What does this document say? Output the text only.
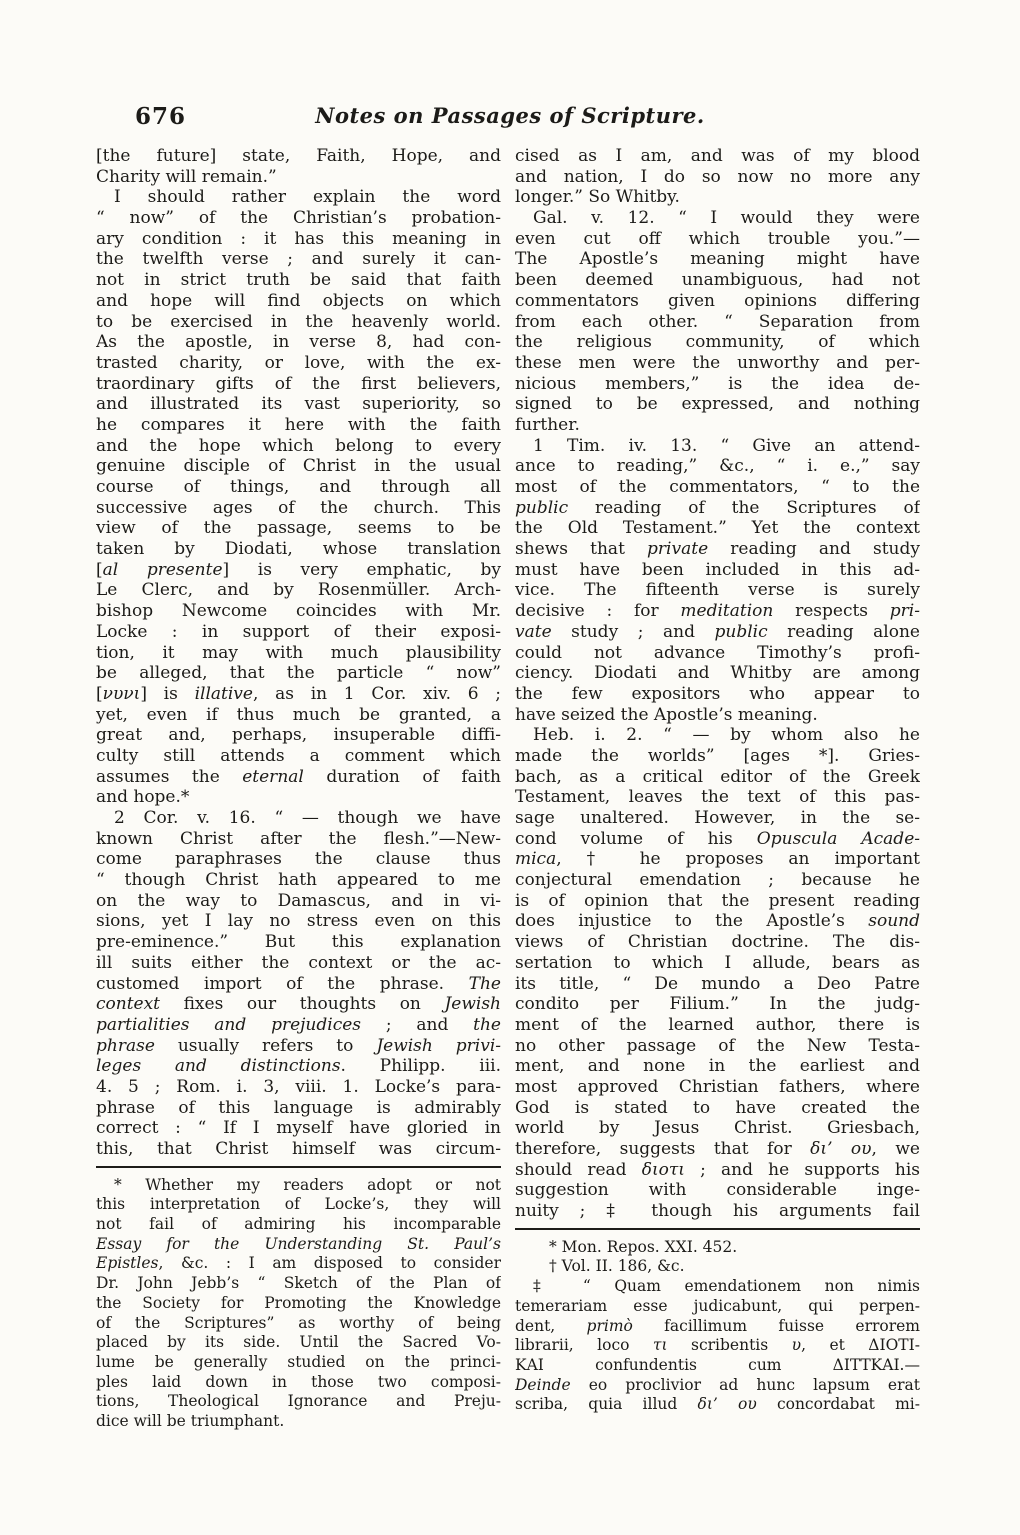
676	Notes on Passages of Scripture.
[the future] state, Faith, Hope, and
Charity will remain.”
I should rather explain the word
“ now” of the Christian’s probation-
ary condition : it has this meaning in
the twelfth verse ; and surely it can-
not in strict truth be said that faith
and hope will find objects on which
to be exercised in the heavenly world.
As the apostle, in verse 8, had con-
trasted charity, or love, with the ex-
traordinary gifts of the first believers,
and illustrated its vast superiority, so
he compares it here with the faith
and the hope which belong to every
genuine disciple of Christ in the usual
course of things, and through all
successive ages of the church. This
view of the passage, seems to be
taken by Diodati, whose translation
[al presente] is very emphatic, by
Le Clerc, and by Rosenmüller. Arch-
bishop Newcome coincides with Mr.
Locke : in support of their exposi-
tion, it may with much plausibility
be alleged, that the particle “ now”
[νυνι] is illative, as in 1 Cor. xiv. 6 ;
yet, even if thus much be granted, a
great and, perhaps, insuperable diffi-
culty still attends a comment which
assumes the eternal duration of faith
and hope.*
2 Cor. v. 16. “ — though we have
known Christ after the flesh.”—New-
come paraphrases the clause thus
“ though Christ hath appeared to me
on the way to Damascus, and in vi-
sions, yet I lay no stress even on this
pre-eminence.” But this explanation
ill suits either the context or the ac-
customed import of the phrase. The
context fixes our thoughts on Jewish
partialities and prejudices ; and the
phrase usually refers to Jewish privi-
leges and distinctions. Philipp. iii.
4. 5 ; Rom. i. 3, viii. 1. Locke’s para-
phrase of this language is admirably
correct : “ If I myself have gloried in
this, that Christ himself was circum-
* Whether my readers adopt or not
this interpretation of Locke’s, they will
not fail of admiring his incomparable
Essay for the Understanding St. Paul’s
Epistles, &c. : I am disposed to consider
Dr. John Jebb’s “ Sketch of the Plan of
the Society for Promoting the Knowledge
of the Scriptures” as worthy of being
placed by its side. Until the Sacred Vo-
lume be generally studied on the princi-
ples laid down in those two composi-
tions, Theological Ignorance and Preju-
dice will be triumphant.
cised as I am, and was of my blood
and nation, I do so now no more any
longer.” So Whitby.
Gal. v. 12. “ I would they were
even cut off which trouble you.”—
The Apostle’s meaning might have
been deemed unambiguous, had not
commentators given opinions differing
from each other. “ Separation from
the religious community, of which
these men were the unworthy and per-
nicious members,” is the idea de-
signed to be expressed, and nothing
further.
1 Tim. iv. 13. “ Give an attend-
ance to reading,” &c., “ i. e.,” say
most of the commentators, “ to the
public reading of the Scriptures of
the Old Testament.” Yet the context
shews that private reading and study
must have been included in this ad-
vice. The fifteenth verse is surely
decisive : for meditation respects pri-
vate study ; and public reading alone
could not advance Timothy’s profi-
ciency. Diodati and Whitby are among
the few expositors who appear to
have seized the Apostle’s meaning.
Heb. i. 2. “ — by whom also he
made the worlds” [ages *]. Gries-
bach, as a critical editor of the Greek
Testament, leaves the text of this pas-
sage unaltered. However, in the se-
cond volume of his Opuscula Acade-
mica, † he proposes an important
conjectural emendation ; because he
is of opinion that the present reading
does injustice to the Apostle’s sound
views of Christian doctrine. The dis-
sertation to which I allude, bears as
its title, “ De mundo a Deo Patre
condito per Filium.” In the judg-
ment of the learned author, there is
no other passage of the New Testa-
ment, and none in the earliest and
most approved Christian fathers, where
God is stated to have created the
world by Jesus Christ. Griesbach,
therefore, suggests that for δι’ ου, we
should read διοτι ; and he supports his
suggestion with considerable inge-
nuity ; ‡ though his arguments fail
* Mon. Repos. XXI. 452.
† Vol. II. 186, &c.
‡ “ Quam emendationem non nimis
temerariam esse judicabunt, qui perpen-
dent, primò facillimum fuisse errorem
librarii, loco τι scribentis υ, et ΔΙΟΤΙ-
ΚΑΙ confundentis cum ΔΙΤΤΚΑΙ.—
Deinde eo proclivior ad hunc lapsum erat
scriba, quia illud δι’ ου concordabat mi-
